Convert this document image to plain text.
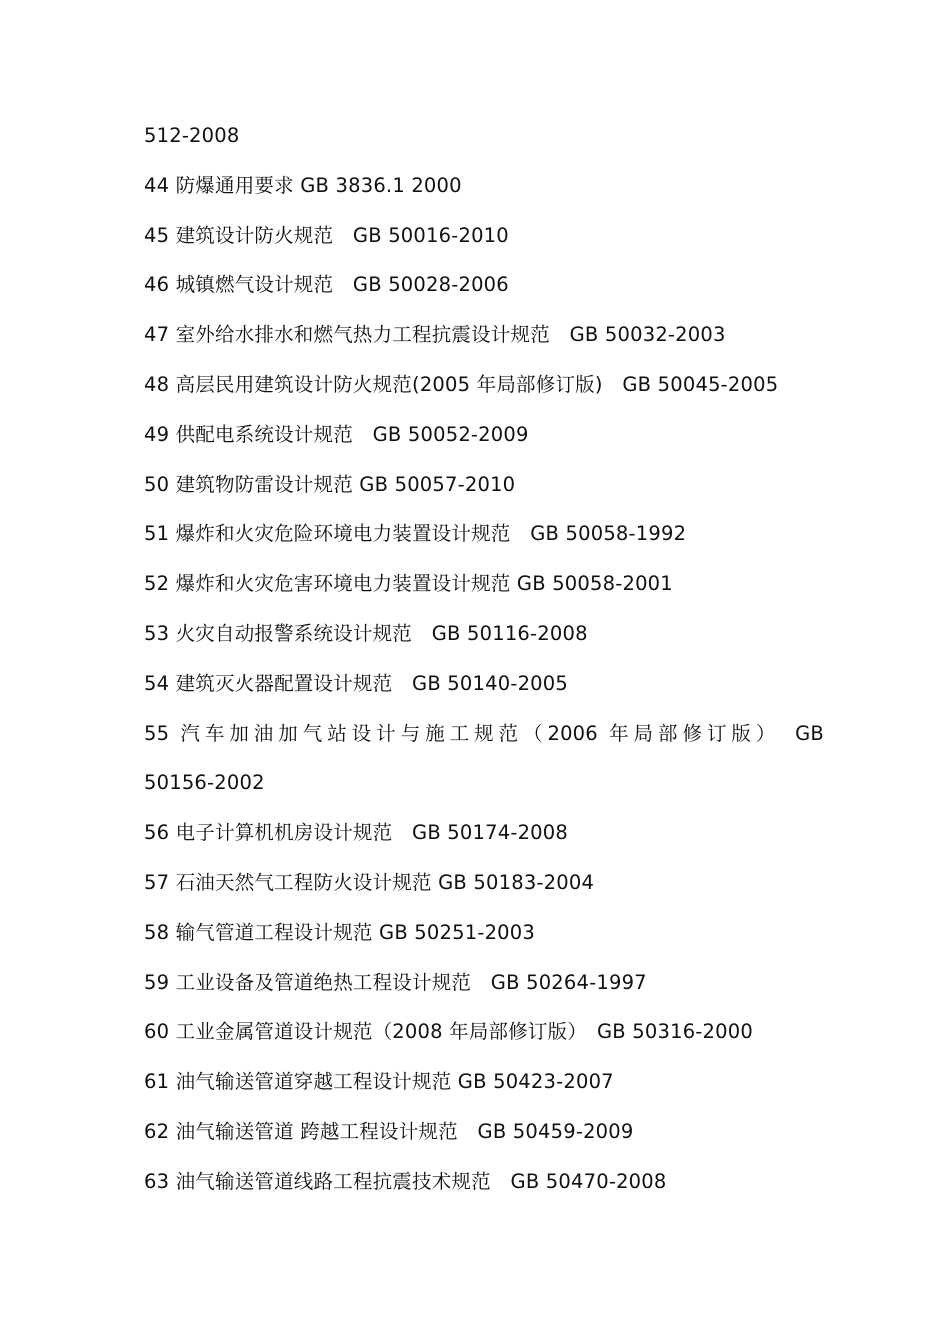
512-2008
44 防爆通用要求 GB 3836.1 2000
45 建筑设计防火规范　GB 50016-2010
46 城镇燃气设计规范　GB 50028-2006
47 室外给水排水和燃气热力工程抗震设计规范　GB 50032-2003
48 高层民用建筑设计防火规范(2005 年局部修订版)　GB 50045-2005
49 供配电系统设计规范　GB 50052-2009
50 建筑物防雷设计规范 GB 50057-2010
51 爆炸和火灾危险环境电力装置设计规范　GB 50058-1992
52 爆炸和火灾危害环境电力装置设计规范 GB 50058-2001
53 火灾自动报警系统设计规范　GB 50116-2008
54 建筑灭火器配置设计规范　GB 50140-2005
55 汽车加油加气站设计与施工规范（2006 年局部修订版）　GB
50156-2002
56 电子计算机机房设计规范　GB 50174-2008
57 石油天然气工程防火设计规范 GB 50183-2004
58 输气管道工程设计规范 GB 50251-2003
59 工业设备及管道绝热工程设计规范　GB 50264-1997
60 工业金属管道设计规范（2008 年局部修订版）　GB 50316-2000
61 油气输送管道穿越工程设计规范 GB 50423-2007
62 油气输送管道 跨越工程设计规范　GB 50459-2009
63 油气输送管道线路工程抗震技术规范　GB 50470-2008
